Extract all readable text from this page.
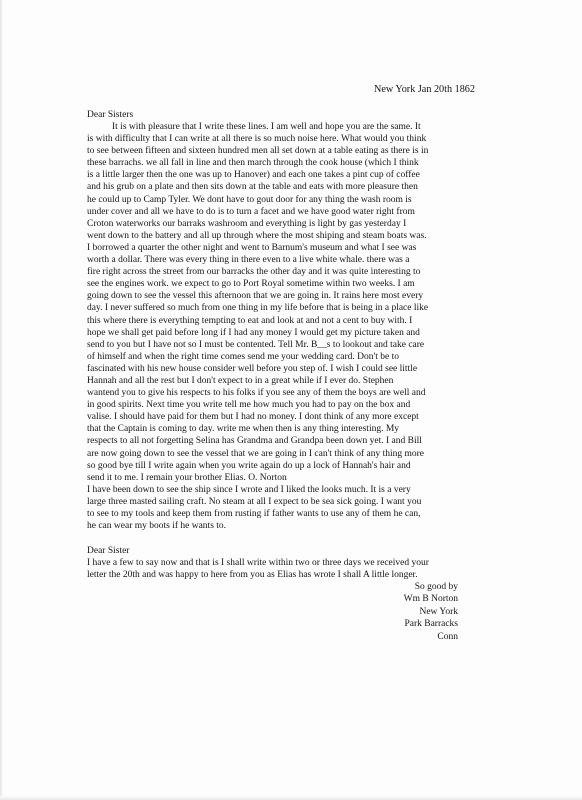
New York Jan 20th 1862
Dear Sisters
It is with pleasure that I write these lines. I am well and hope you are the same. It
is with difficulty that I can write at all there is so much noise here. What would you think
to see between fifteen and sixteen hundred men all set down at a table eating as there is in
these barrachs. we all fall in line and then march through the cook house (which I think
is a little larger then the one was up to Hanover) and each one takes a pint cup of coffee
and his grub on a plate and then sits down at the table and eats with more pleasure then
he could up to Camp Tyler. We dont have to gout door for any thing the wash room is
under cover and all we have to do is to turn a facet and we have good water right from
Croton waterworks our barraks washroom and everything is light by gas yesterday I
went down to the battery and all up through where the most shiping and steam boats was.
I borrowed a quarter the other night and went to Barnum's museum and what I see was
worth a dollar. There was every thing in there even to a live white whale. there was a
fire right across the street from our barracks the other day and it was quite interesting to
see the engines work. we expect to go to Port Royal sometime within two weeks. I am
going down to see the vessel this afternoon that we are going in. It rains here most every
day. I never suffered so much from one thing in my life before that is being in a place like
this where there is everything tempting to eat and look at and not a cent to buy with. I
hope we shall get paid before long if I had any money I would get my picture taken and
send to you but I have not so I must be contented. Tell Mr. B__s to lookout and take care
of himself and when the right time comes send me your wedding card. Don't be to
fascinated with his new house consider well before you step of. I wish I could see little
Hannah and all the rest but I don't expect to in a great while if I ever do. Stephen
wantend you to give his respects to his folks if you see any of them the boys are well and
in good spirits. Next time you write tell me how much you had to pay on the box and
valise. I should have paid for them but I had no money. I dont think of any more except
that the Captain is coming to day. write me when then is any thing interesting. My
respects to all not forgetting Selina has Grandma and Grandpa been down yet. I and Bill
are now going down to see the vessel that we are going in I can't think of any thing more
so good bye till I write again when you write again do up a lock of Hannah's hair and
send it to me. I remain your brother Elias. O. Norton
I have been down to see the ship since I wrote and I liked the looks much. It is a very
large three masted sailing craft. No steam at all I expect to be sea sick going. I want you
to see to my tools and keep them from rusting if father wants to use any of them he can,
he can wear my boots if he wants to.
Dear Sister
I have a few to say now and that is I shall write within two or three days we received your
letter the 20th and was happy to here from you as Elias has wrote I shall A little longer.
So good by
Wm B Norton
New York
Park Barracks
Conn
